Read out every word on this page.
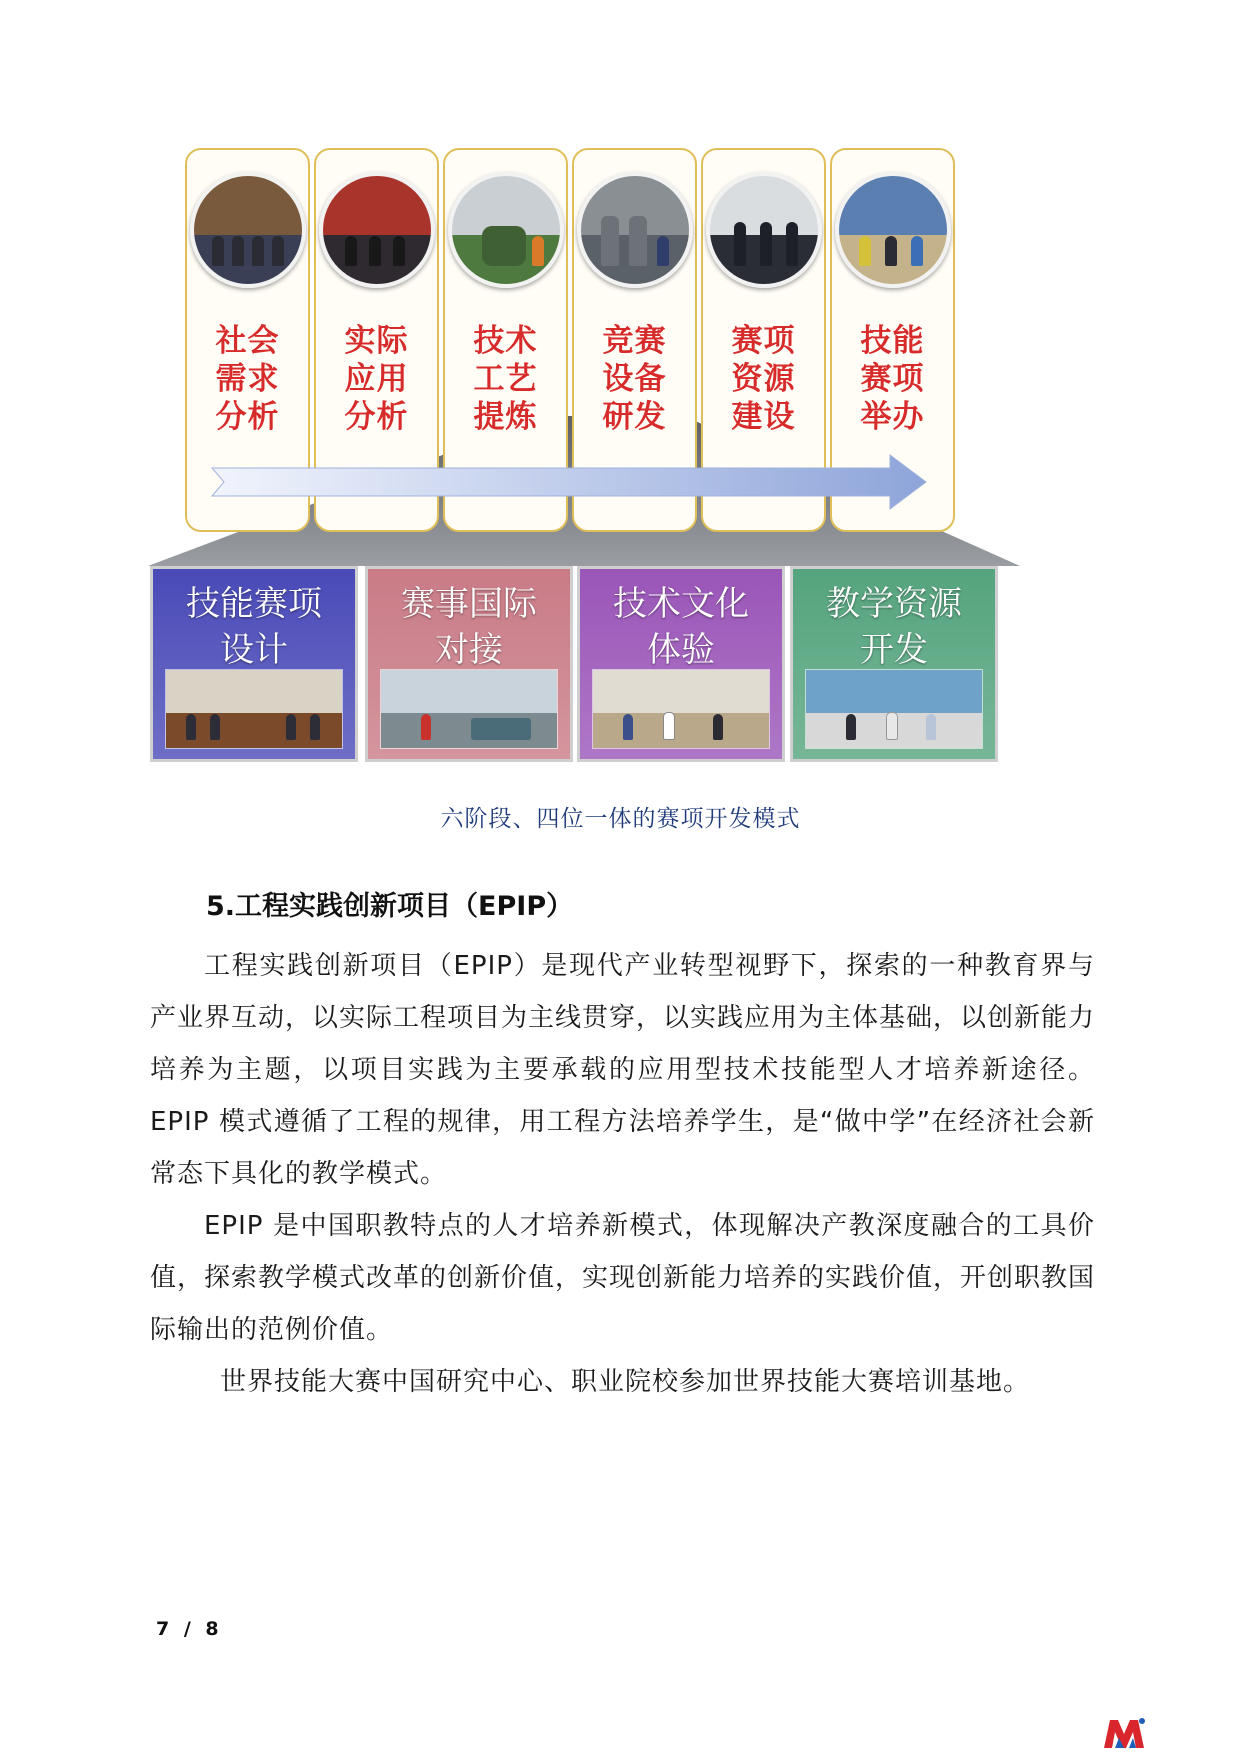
社会
需求
分析
实际
应用
分析
技术
工艺
提炼
竞赛
设备
研发
赛项
资源
建设
技能
赛项
举办
技能赛项
设计
赛事国际
对接
技术文化
体验
教学资源
开发
六阶段、四位一体的赛项开发模式
5.工程实践创新项目（EPIP）
工程实践创新项目（EPIP）是现代产业转型视野下，探索的一种教育界与产业界互动，以实际工程项目为主线贯穿，以实践应用为主体基础，以创新能力培养为主题，以项目实践为主要承载的应用型技术技能型人才培养新途径。EPIP 模式遵循了工程的规律，用工程方法培养学生，是“做中学”在经济社会新常态下具化的教学模式。
EPIP 是中国职教特点的人才培养新模式，体现解决产教深度融合的工具价值，探索教学模式改革的创新价值，实现创新能力培养的实践价值，开创职教国际输出的范例价值。
世界技能大赛中国研究中心、职业院校参加世界技能大赛培训基地。
7 / 8
